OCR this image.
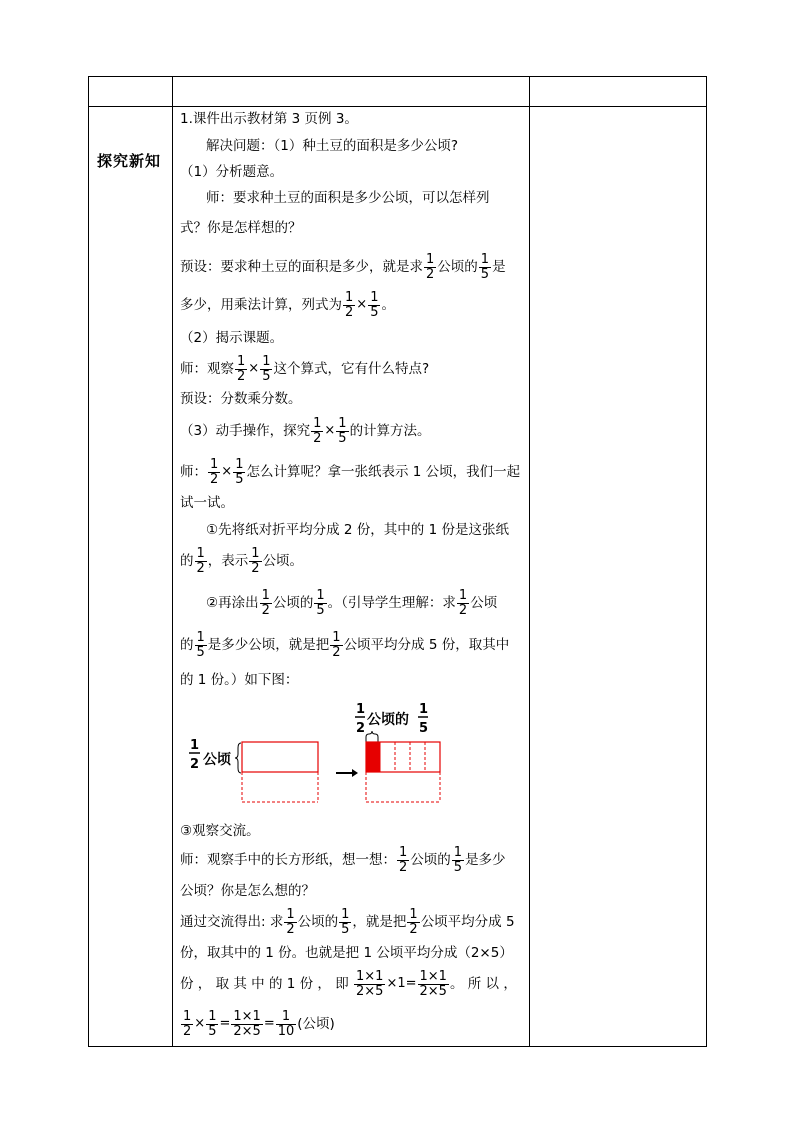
探究新知
1.课件出示教材第 3 页例 3。
解决问题：（1）种土豆的面积是多少公顷?
（1）分析题意。
师：要求种土豆的面积是多少公顷，可以怎样列
式？你是怎样想的？
预设：要求种土豆的面积是多少，就是求 $\frac{1}{2}$ 公顷的 $\frac{1}{5}$ 是
多少，用乘法计算，列式为 $\frac{1}{2} \times \frac{1}{5}$ 。
（2）揭示课题。
师：观察 $\frac{1}{2} \times \frac{1}{5}$ 这个算式，它有什么特点?
预设：分数乘分数。
（3）动手操作，探究 $\frac{1}{2} \times \frac{1}{5}$ 的计算方法。
师： $\frac{1}{2} \times \frac{1}{5}$ 怎么计算呢？拿一张纸表示 1 公顷，我们一起
试一试。
①先将纸对折平均分成 2 份，其中的 1 份是这张纸
的 $\frac{1}{2}$ ，表示 $\frac{1}{2}$ 公顷。
②再涂出 $\frac{1}{2}$ 公顷的 $\frac{1}{5}$ 。（引导学生理解：求 $\frac{1}{2}$ 公顷
的 $\frac{1}{5}$ 是多少公顷，就是把 $\frac{1}{2}$ 公顷平均分成 5 份，取其中
的 1 份。）如下图：
1
2 公顷
1
2
公顷的
1
5
③观察交流。
师：观察手中的长方形纸，想一想： $\frac{1}{2}$ 公顷的 $\frac{1}{5}$ 是多少
公顷？你是怎么想的？
通过交流得出: 求 $\frac{1}{2}$ 公顷的 $\frac{1}{5}$ ，就是把 $\frac{1}{2}$ 公顷平均分成 5
份，取其中的 1 份。也就是把 1 公顷平均分成（2×5）
份 ， 取 其 中 的 1 份 ， 即 $\frac{1\times 1}{2\times 5} \times 1= \frac{1\times 1}{2\times 5}$ 。 所 以 ，
$\frac{1}{2} \times \frac{1}{5} = \frac{1\times 1}{2\times 5} = \frac{1}{10}$ (公顷)
